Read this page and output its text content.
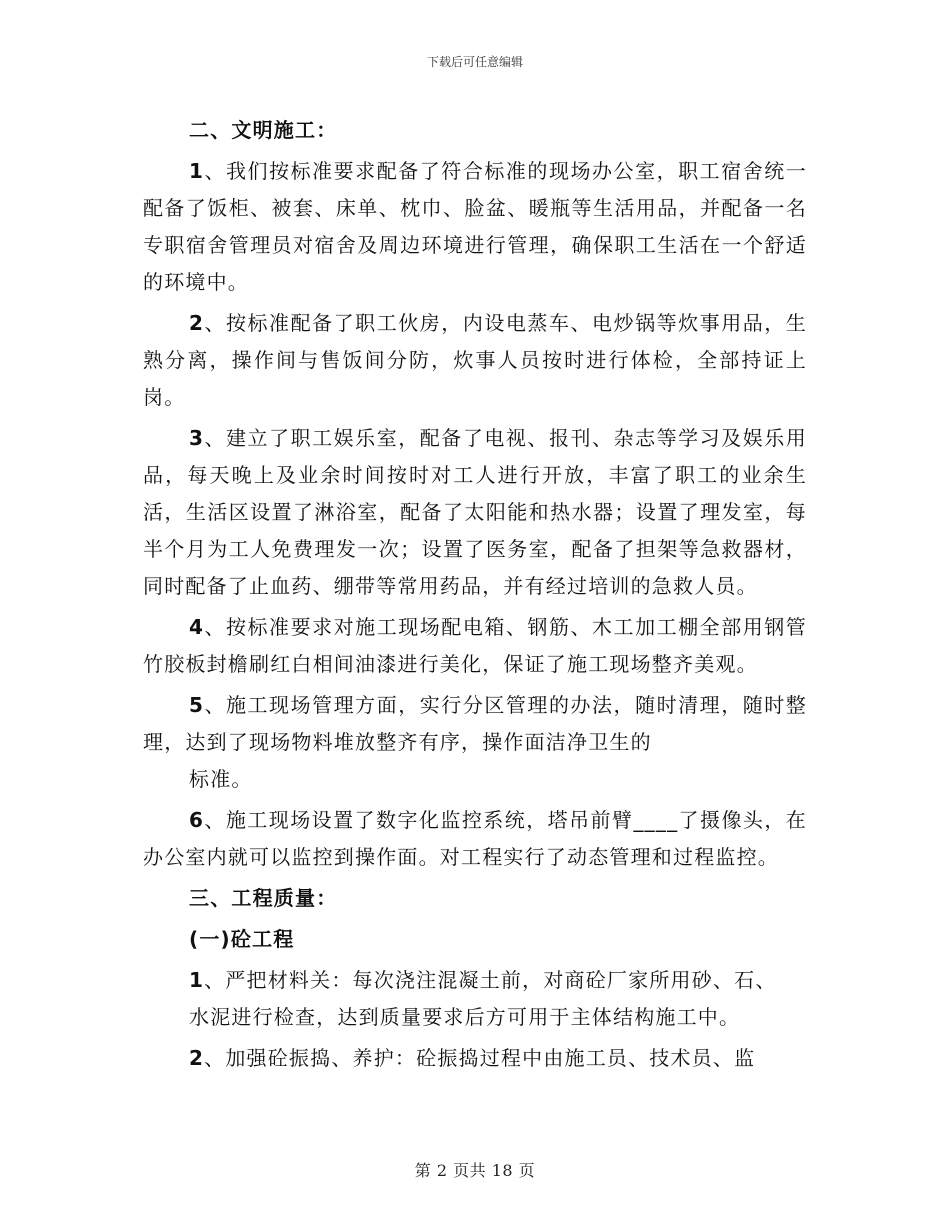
下载后可任意编辑

二、文明施工：

1、我们按标准要求配备了符合标准的现场办公室，职工宿舍统一配备了饭柜、被套、床单、枕巾、脸盆、暖瓶等生活用品，并配备一名专职宿舍管理员对宿舍及周边环境进行管理，确保职工生活在一个舒适的环境中。

2、按标准配备了职工伙房，内设电蒸车、电炒锅等炊事用品，生熟分离，操作间与售饭间分防，炊事人员按时进行体检，全部持证上岗。

3、建立了职工娱乐室，配备了电视、报刊、杂志等学习及娱乐用品，每天晚上及业余时间按时对工人进行开放，丰富了职工的业余生活，生活区设置了淋浴室，配备了太阳能和热水器；设置了理发室，每半个月为工人免费理发一次；设置了医务室，配备了担架等急救器材，同时配备了止血药、绷带等常用药品，并有经过培训的急救人员。

4、按标准要求对施工现场配电箱、钢筋、木工加工棚全部用钢管竹胶板封檐刷红白相间油漆进行美化，保证了施工现场整齐美观。

5、施工现场管理方面，实行分区管理的办法，随时清理，随时整理，达到了现场物料堆放整齐有序，操作面洁净卫生的

标准。

6、施工现场设置了数字化监控系统，塔吊前臂____了摄像头，在办公室内就可以监控到操作面。对工程实行了动态管理和过程监控。

三、工程质量：

(一)砼工程

1、严把材料关：每次浇注混凝土前，对商砼厂家所用砂、石、

水泥进行检查，达到质量要求后方可用于主体结构施工中。

2、加强砼振捣、养护：砼振捣过程中由施工员、技术员、监

第 2 页共 18 页
